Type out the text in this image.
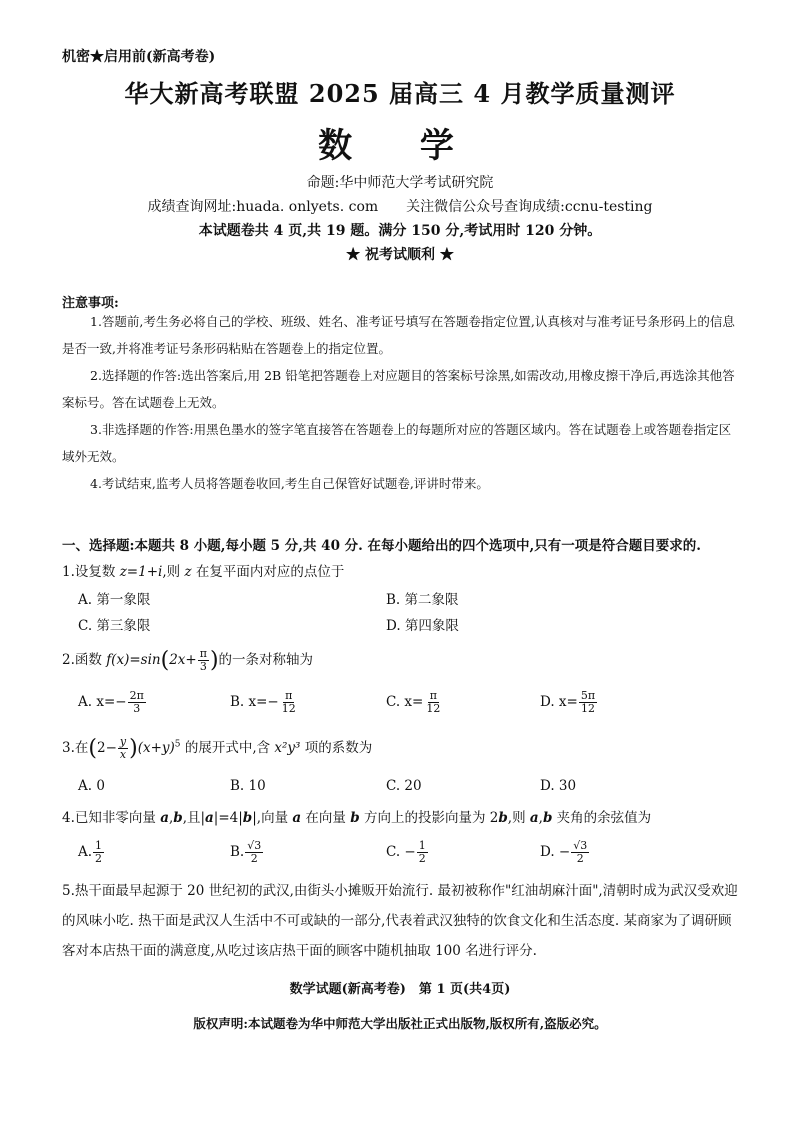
机密★启用前(新高考卷)
华大新高考联盟 2025 届高三 4 月教学质量测评
数 学
命题:华中师范大学考试研究院
成绩查询网址:huada. onlyets. com　　关注微信公众号查询成绩:ccnu-testing
本试题卷共 4 页,共 19 题。满分 150 分,考试用时 120 分钟。
★ 祝考试顺利 ★
注意事项:

1.答题前,考生务必将自己的学校、班级、姓名、准考证号填写在答题卷指定位置,认真核对与准考证号条形码上的信息是否一致,并将准考证号条形码粘贴在答题卷上的指定位置。

2.选择题的作答:选出答案后,用 2B 铅笔把答题卷上对应题目的答案标号涂黑,如需改动,用橡皮擦干净后,再选涂其他答案标号。答在试题卷上无效。

3.非选择题的作答:用黑色墨水的签字笔直接答在答题卷上的每题所对应的答题区域内。答在试题卷上或答题卷指定区域外无效。

4.考试结束,监考人员将答题卷收回,考生自己保管好试题卷,评讲时带来。

一、选择题:本题共 8 小题,每小题 5 分,共 40 分. 在每小题给出的四个选项中,只有一项是符合题目要求的.
1.设复数 z=1+i,则 z 在复平面内对应的点位于
A. 第一象限	B. 第二象限
C. 第三象限	D. 第四象限
2.函数 $f(x)=\sin(2x+ \frac{\pi}{3}$ )的一条对称轴为
A. $x=- \frac{2\pi}{3}$	B. $x=- \frac{\pi}{12}$	C. $x= \frac{\pi}{12}$	D. $x= \frac{5\pi}{12}$
3.在$(2- \frac{y}{x} )(x+y)^5$ 的展开式中,含 x²y³ 项的系数为
A. 0	B. 10	C. 20	D. 30
4.已知非零向量 a,b,且|a|=4|b|,向量 a 在向量 b 方向上的投影向量为 2b,则 a,b 夹角的余弦值为
A. $\frac{1}{2}$	B. $\frac{√3}{2}$	C. − $\frac{1}{2}$	D. − $\frac{√3}{2}$
5.热干面最早起源于 20 世纪初的武汉,由街头小摊贩开始流行. 最初被称作"红油胡麻汁面",清朝时成为武汉受欢迎的风味小吃. 热干面是武汉人生活中不可或缺的一部分,代表着武汉独特的饮食文化和生活态度. 某商家为了调研顾客对本店热干面的满意度,从吃过该店热干面的顾客中随机抽取 100 名进行评分.
数学试题(新高考卷)　第 1 页(共4页)
版权声明:本试题卷为华中师范大学出版社正式出版物,版权所有,盗版必究。
